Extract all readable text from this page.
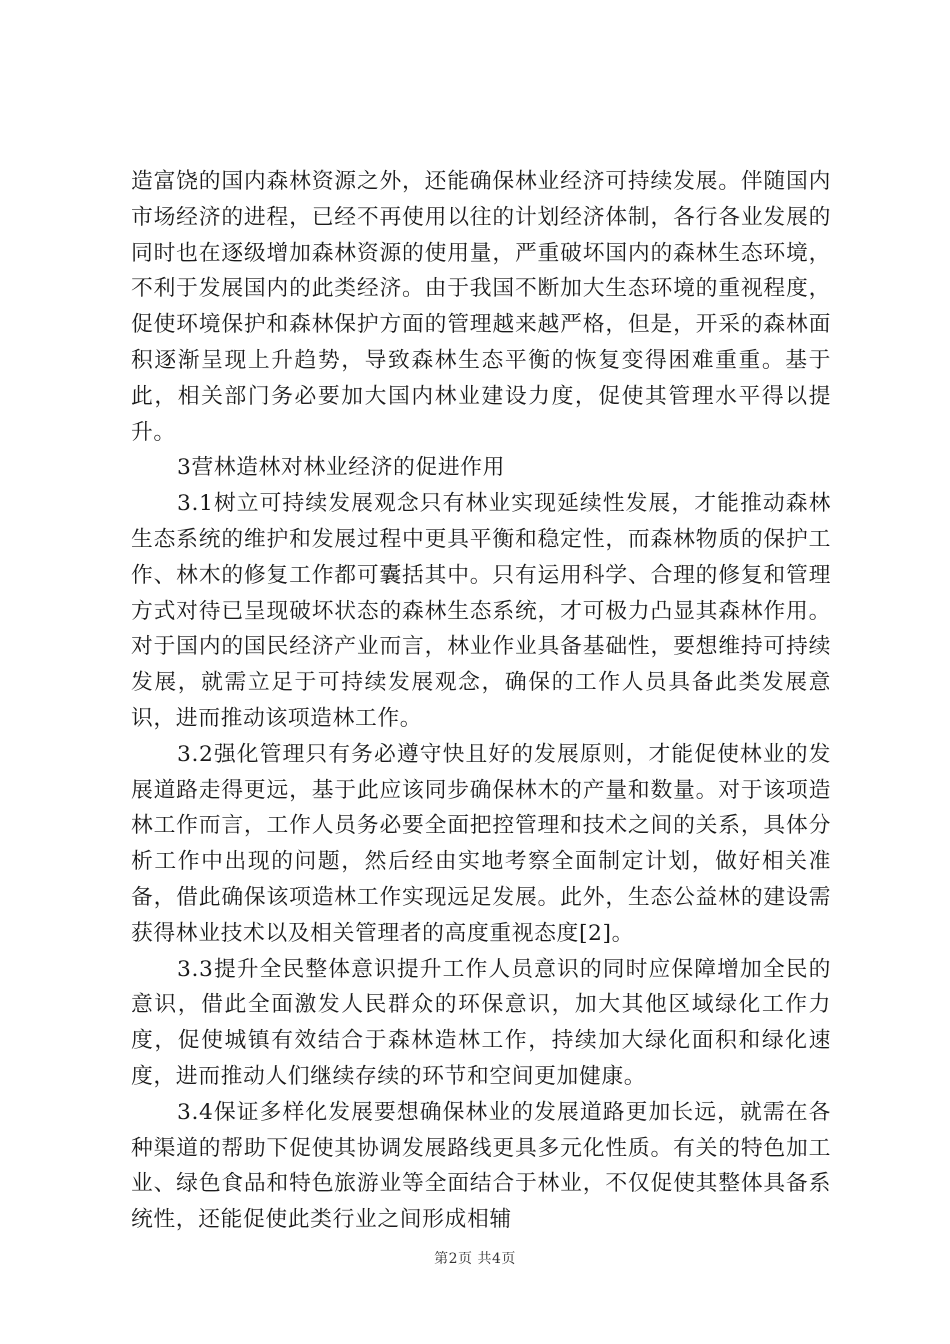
造富饶的国内森林资源之外，还能确保林业经济可持续发展。伴随国内市场经济的进程，已经不再使用以往的计划经济体制，各行各业发展的同时也在逐级增加森林资源的使用量，严重破坏国内的森林生态环境，不利于发展国内的此类经济。由于我国不断加大生态环境的重视程度，促使环境保护和森林保护方面的管理越来越严格，但是，开采的森林面积逐渐呈现上升趋势，导致森林生态平衡的恢复变得困难重重。基于此，相关部门务必要加大国内林业建设力度，促使其管理水平得以提升。

3营林造林对林业经济的促进作用

3.1树立可持续发展观念只有林业实现延续性发展，才能推动森林生态系统的维护和发展过程中更具平衡和稳定性，而森林物质的保护工作、林木的修复工作都可囊括其中。只有运用科学、合理的修复和管理方式对待已呈现破坏状态的森林生态系统，才可极力凸显其森林作用。对于国内的国民经济产业而言，林业作业具备基础性，要想维持可持续发展，就需立足于可持续发展观念，确保的工作人员具备此类发展意识，进而推动该项造林工作。

3.2强化管理只有务必遵守快且好的发展原则，才能促使林业的发展道路走得更远，基于此应该同步确保林木的产量和数量。对于该项造林工作而言，工作人员务必要全面把控管理和技术之间的关系，具体分析工作中出现的问题，然后经由实地考察全面制定计划，做好相关准备，借此确保该项造林工作实现远足发展。此外，生态公益林的建设需获得林业技术以及相关管理者的高度重视态度[2]。

3.3提升全民整体意识提升工作人员意识的同时应保障增加全民的意识，借此全面激发人民群众的环保意识，加大其他区域绿化工作力度，促使城镇有效结合于森林造林工作，持续加大绿化面积和绿化速度，进而推动人们继续存续的环节和空间更加健康。

3.4保证多样化发展要想确保林业的发展道路更加长远，就需在各种渠道的帮助下促使其协调发展路线更具多元化性质。有关的特色加工业、绿色食品和特色旅游业等全面结合于林业，不仅促使其整体具备系统性，还能促使此类行业之间形成相辅

第2页 共4页
